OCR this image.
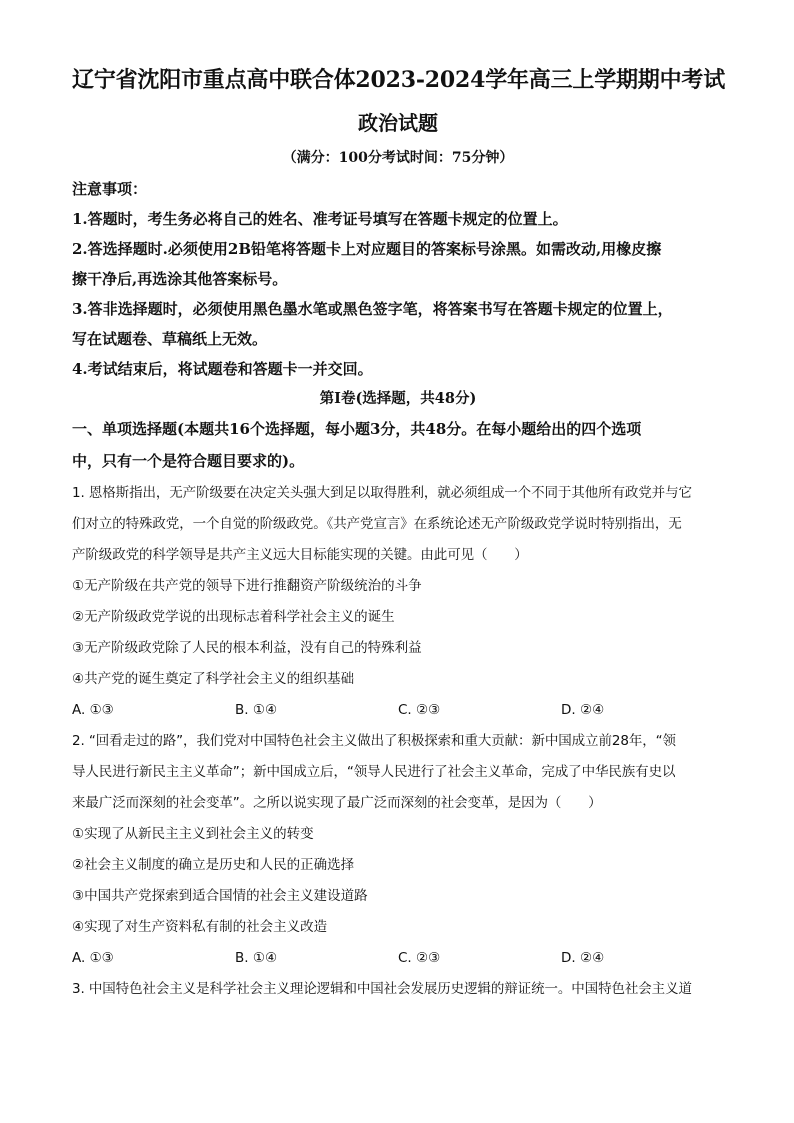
辽宁省沈阳市重点高中联合体2023-2024学年高三上学期期中考试
政治试题

（满分：100分考试时间：75分钟）

注意事项：

1.答题时，考生务必将自己的姓名、准考证号填写在答题卡规定的位置上。

2.答选择题时.必须使用2B铅笔将答题卡上对应题目的答案标号涂黑。如需改动,用橡皮擦

擦干净后,再选涂其他答案标号。

3.答非选择题时，必须使用黑色墨水笔或黑色签字笔，将答案书写在答题卡规定的位置上，

写在试题卷、草稿纸上无效。

4.考试结束后，将试题卷和答题卡一并交回。

第Ⅰ卷(选择题，共48分)

一、单项选择题(本题共16个选择题，每小题3分，共48分。在每小题给出的四个选项

中，只有一个是符合题目要求的)。

1. 恩格斯指出，无产阶级要在决定关头强大到足以取得胜利，就必须组成一个不同于其他所有政党并与它

们对立的特殊政党，一个自觉的阶级政党。《共产党宣言》在系统论述无产阶级政党学说时特别指出，无

产阶级政党的科学领导是共产主义远大目标能实现的关键。由此可见（　　）

①无产阶级在共产党的领导下进行推翻资产阶级统治的斗争

②无产阶级政党学说的出现标志着科学社会主义的诞生

③无产阶级政党除了人民的根本利益，没有自己的特殊利益

④共产党的诞生奠定了科学社会主义的组织基础

A. ①③	B. ①④	C. ②③	D. ②④

2. “回看走过的路”，我们党对中国特色社会主义做出了积极探索和重大贡献：新中国成立前28年，“领

导人民进行新民主主义革命”；新中国成立后，“领导人民进行了社会主义革命，完成了中华民族有史以

来最广泛而深刻的社会变革”。之所以说实现了最广泛而深刻的社会变革，是因为（　　）

①实现了从新民主主义到社会主义的转变

②社会主义制度的确立是历史和人民的正确选择

③中国共产党探索到适合国情的社会主义建设道路

④实现了对生产资料私有制的社会主义改造

A. ①③	B. ①④	C. ②③	D. ②④

3. 中国特色社会主义是科学社会主义理论逻辑和中国社会发展历史逻辑的辩证统一。中国特色社会主义道
